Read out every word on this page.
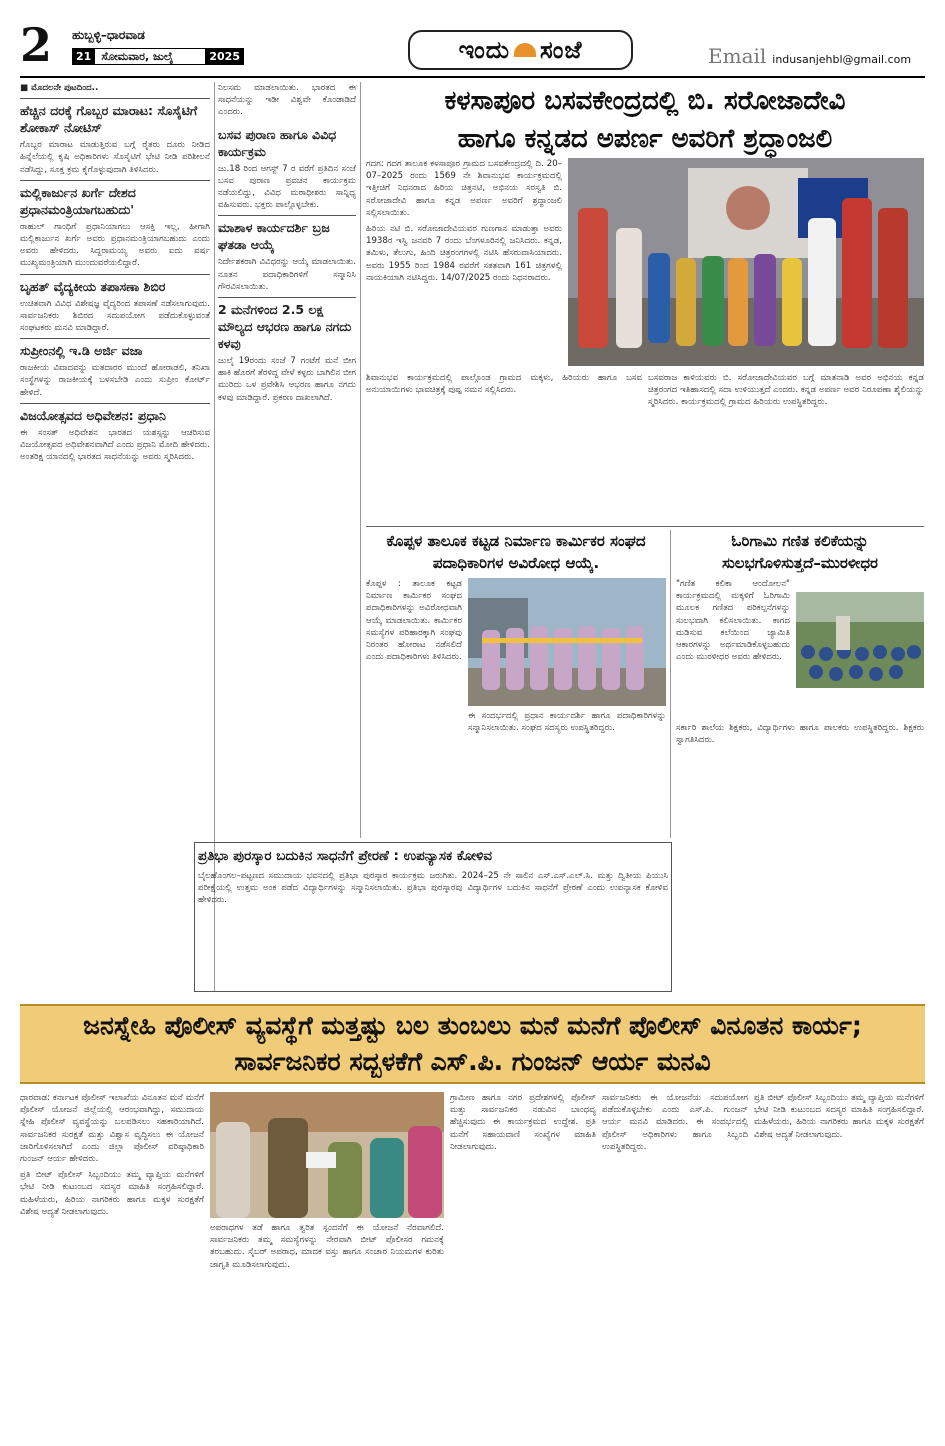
2 ಹುಬ್ಬಳ್ಳಿ–ಧಾರವಾಡ
21 ಸೋಮವಾರ, ಜುಲೈ	2025	ಇಂದು ಸಂಜೆ	Email indusanjehbl@gmail.com
■ ಮೊದಲನೇ ಪುಟದಿಂದ..
ಹೆಚ್ಚಿನ ದರಕ್ಕೆ ಗೊಬ್ಬರ ಮಾರಾಟ: ಸೊಸೈಟಿಗೆ ಶೋಕಾಸ್ ನೋಟಿಸ್

ಗೊಬ್ಬರ ಮಾರಾಟ ಮಾಡುತ್ತಿರುವ ಬಗ್ಗೆ ರೈತರು ದೂರು ನೀಡಿದ ಹಿನ್ನೆಲೆಯಲ್ಲಿ ಕೃಷಿ ಅಧಿಕಾರಿಗಳು ಸೊಸೈಟಿಗೆ ಭೇಟಿ ನೀಡಿ ಪರಿಶೀಲನೆ ನಡೆಸಿದ್ದು, ಸೂಕ್ತ ಕ್ರಮ ಕೈಗೊಳ್ಳುವುದಾಗಿ ತಿಳಿಸಿದರು.

ಮಲ್ಲಿಕಾರ್ಜುನ ಖರ್ಗೆ ದೇಶದ ಪ್ರಧಾನಮಂತ್ರಿಯಾಗಬಹುದು'

ರಾಹುಲ್ ಗಾಂಧಿಗೆ ಪ್ರಧಾನಿಯಾಗಲು ಆಸಕ್ತಿ ಇಲ್ಲ, ಹೀಗಾಗಿ ಮಲ್ಲಿಕಾರ್ಜುನ ಖರ್ಗೆ ಅವರು ಪ್ರಧಾನಮಂತ್ರಿಯಾಗಬಹುದು ಎಂದು ಅವರು ಹೇಳಿದರು. ಸಿದ್ದರಾಮಯ್ಯ ಅವರು ಐದು ವರ್ಷ ಮುಖ್ಯಮಂತ್ರಿಯಾಗಿ ಮುಂದುವರೆಯಲಿದ್ದಾರೆ.

ಬೃಹತ್ ವೈದ್ಯಕೀಯ ತಪಾಸಣಾ ಶಿಬಿರ

ಉಚಿತವಾಗಿ ವಿವಿಧ ವಿಶೇಷಜ್ಞ ವೈದ್ಯರಿಂದ ತಪಾಸಣೆ ನಡೆಸಲಾಗುವುದು. ಸಾರ್ವಜನಿಕರು ಶಿಬಿರದ ಸದುಪಯೋಗ ಪಡೆದುಕೊಳ್ಳುವಂತೆ ಸಂಘಟಕರು ಮನವಿ ಮಾಡಿದ್ದಾರೆ.

ಸುಪ್ರೀಂನಲ್ಲಿ ಇ.ಡಿ ಅರ್ಜಿ ವಜಾ

ರಾಜಕೀಯ ವಿವಾದವನ್ನು ಮತದಾರರ ಮುಂದೆ ಹೋರಾಡಲಿ, ತನಿಖಾ ಸಂಸ್ಥೆಗಳನ್ನು ರಾಜಕೀಯಕ್ಕೆ ಬಳಸಬೇಡಿ ಎಂದು ಸುಪ್ರೀಂ ಕೋರ್ಟ್ ಹೇಳಿದೆ.

ವಿಜಯೋತ್ಸವದ ಅಧಿವೇಶನ: ಪ್ರಧಾನಿ

ಈ ಸಂಸತ್ ಅಧಿವೇಶನ ಭಾರತದ ಯಶಸ್ಸನ್ನು ಆಚರಿಸುವ ವಿಜಯೋತ್ಸವದ ಅಧಿವೇಶನವಾಗಿದೆ ಎಂದು ಪ್ರಧಾನಿ ಮೋದಿ ಹೇಳಿದರು. ಅಂತರಿಕ್ಷ ಯಾನದಲ್ಲಿ ಭಾರತದ ಸಾಧನೆಯನ್ನು ಅವರು ಸ್ಮರಿಸಿದರು.

ನಿಲಸಮ ಮಾಡಲಾಯಿತು. ಭಾರತದ ಈ ಸಾಧನೆಯನ್ನು ಇಡೀ ವಿಶ್ವವೇ ಕೊಂಡಾಡಿದೆ ಎಂದರು.

ಬಸವ ಪುರಾಣ ಹಾಗೂ ವಿವಿಧ ಕಾರ್ಯಕ್ರಮ

ಜು.18 ರಿಂದ ಆಗಸ್ಟ್ 7 ರ ವರೆಗೆ ಪ್ರತಿದಿನ ಸಂಜೆ ಬಸವ ಪುರಾಣ ಪ್ರವಚನ ಕಾರ್ಯಕ್ರಮ ನಡೆಯಲಿದ್ದು, ವಿವಿಧ ಮಠಾಧೀಶರು ಸಾನ್ನಿಧ್ಯ ವಹಿಸುವರು. ಭಕ್ತರು ಪಾಲ್ಗೊಳ್ಳಬೇಕು.

ಮಾಶಾಳ ಕಾರ್ಯದರ್ಶಿ ಬ್ರಜ ಘತಡಾ ಆಯ್ಕೆ

ನಿರ್ದೇಶಕರಾಗಿ ವಿವಿಧರನ್ನು ಆಯ್ಕೆ ಮಾಡಲಾಯಿತು. ನೂತನ ಪದಾಧಿಕಾರಿಗಳಿಗೆ ಸನ್ಮಾನಿಸಿ ಗೌರವಿಸಲಾಯಿತು.

2 ಮನೆಗಳಿಂದ 2.5 ಲಕ್ಷ ಮೌಲ್ಯದ ಆಭರಣ ಹಾಗೂ ನಗದು ಕಳವು

ಜುಲೈ 19ರಂದು ಸಂಜೆ 7 ಗಂಟೆಗೆ ಮನೆ ಬೀಗ ಹಾಕಿ ಹೊರಗೆ ತೆರಳಿದ್ದ ವೇಳೆ ಕಳ್ಳರು ಬಾಗಿಲಿನ ಬೀಗ ಮುರಿದು ಒಳ ಪ್ರವೇಶಿಸಿ ಆಭರಣ ಹಾಗೂ ನಗದು ಕಳವು ಮಾಡಿದ್ದಾರೆ. ಪ್ರಕರಣ ದಾಖಲಾಗಿದೆ.

ಕಳಸಾಪೂರ ಬಸವಕೇಂದ್ರದಲ್ಲಿ ಬಿ. ಸರೋಜಾದೇವಿ
ಹಾಗೂ ಕನ್ನಡದ ಅಪರ್ಣ ಅವರಿಗೆ ಶ್ರದ್ಧಾಂಜಲಿ

ಗದಗ: ಗದಗ ತಾಲೂಕ ಕಳಸಾಪೂರ ಗ್ರಾಮದ ಬಸವಕೇಂದ್ರದಲ್ಲಿ ದಿ. 20–07–2025 ರಂದು 1569 ನೇ ಶಿವಾನುಭವ ಕಾರ್ಯಕ್ರಮದಲ್ಲಿ ಇತ್ತೀಚಿಗೆ ನಿಧನರಾದ ಹಿರಿಯ ಚಿತ್ರನಟಿ, ಅಭಿನಯ ಸರಸ್ವತಿ ಬಿ. ಸರೋಜಾದೇವಿ ಹಾಗೂ ಕನ್ನಡ ಅಪರ್ಣ ಅವರಿಗೆ ಶ್ರದ್ಧಾಂಜಲಿ ಸಲ್ಲಿಸಲಾಯಿತು.

ಹಿರಿಯ ನಟಿ ಬಿ. ಸರೋಜಾದೇವಿಯವರ ಗುಣಗಾನ ಮಾಡುತ್ತಾ ಅವರು 1938ರ ಇಸ್ವಿ ಜನವರಿ 7 ರಂದು ಬೆಂಗಳೂರಿನಲ್ಲಿ ಜನಿಸಿದರು. ಕನ್ನಡ, ತಮಿಳು, ತೆಲುಗು, ಹಿಂದಿ ಚಿತ್ರರಂಗಗಳಲ್ಲಿ ನಟಿಸಿ ಹೆಸರುವಾಸಿಯಾದರು. ಅವರು 1955 ರಿಂದ 1984 ರವರೆಗೆ ಸತತವಾಗಿ 161 ಚಿತ್ರಗಳಲ್ಲಿ ನಾಯಕಿಯಾಗಿ ನಟಿಸಿದ್ದರು. 14/07/2025 ರಂದು ನಿಧನರಾದರು.

ಶಿವಾನುಭವ ಕಾರ್ಯಕ್ರಮದಲ್ಲಿ ಪಾಲ್ಗೊಂಡ ಗ್ರಾಮದ ಮಕ್ಕಳು, ಹಿರಿಯರು ಹಾಗೂ ಬಸವ ಅನುಯಾಯಿಗಳು ಭಾವಚಿತ್ರಕ್ಕೆ ಪುಷ್ಪ ನಮನ ಸಲ್ಲಿಸಿದರು.

ಬಸವರಾಜ ಕಾಳಿಯವರು ಬಿ. ಸರೋಜಾದೇವಿಯವರ ಬಗ್ಗೆ ಮಾತನಾಡಿ ಅವರ ಅಭಿನಯ ಕನ್ನಡ ಚಿತ್ರರಂಗದ ಇತಿಹಾಸದಲ್ಲಿ ಸದಾ ಉಳಿಯುತ್ತದೆ ಎಂದರು. ಕನ್ನಡ ಅಪರ್ಣ ಅವರ ನಿರೂಪಣಾ ಶೈಲಿಯನ್ನು ಸ್ಮರಿಸಿದರು. ಕಾರ್ಯಕ್ರಮದಲ್ಲಿ ಗ್ರಾಮದ ಹಿರಿಯರು ಉಪಸ್ಥಿತರಿದ್ದರು.

ಕೊಪ್ಪಳ ತಾಲೂಕ ಕಟ್ಟಡ ನಿರ್ಮಾಣ ಕಾರ್ಮಿಕರ ಸಂಘದ
ಪದಾಧಿಕಾರಿಗಳ ಅವಿರೋಧ ಆಯ್ಕೆ.

ಕೊಪ್ಪಳ : ತಾಲೂಕ ಕಟ್ಟಡ ನಿರ್ಮಾಣ ಕಾರ್ಮಿಕರ ಸಂಘದ ಪದಾಧಿಕಾರಿಗಳನ್ನು ಅವಿರೋಧವಾಗಿ ಆಯ್ಕೆ ಮಾಡಲಾಯಿತು. ಕಾರ್ಮಿಕರ ಸಮಸ್ಯೆಗಳ ಪರಿಹಾರಕ್ಕಾಗಿ ಸಂಘವು ನಿರಂತರ ಹೋರಾಟ ನಡೆಸಲಿದೆ ಎಂದು ಪದಾಧಿಕಾರಿಗಳು ತಿಳಿಸಿದರು.

ಈ ಸಂದರ್ಭದಲ್ಲಿ ಪ್ರಧಾನ ಕಾರ್ಯದರ್ಶಿ ಹಾಗೂ ಪದಾಧಿಕಾರಿಗಳನ್ನು ಸನ್ಮಾನಿಸಲಾಯಿತು. ಸಂಘದ ಸದಸ್ಯರು ಉಪಸ್ಥಿತರಿದ್ದರು.

ಓರಿಗಾಮಿ ಗಣಿತ ಕಲಿಕೆಯನ್ನು
ಸುಲಭಗೊಳಿಸುತ್ತದೆ–ಮುರಳೀಧರ

"ಗಣಿತ ಕಲಿಕಾ ಆಂದೋಲನ" ಕಾರ್ಯಕ್ರಮದಲ್ಲಿ ಮಕ್ಕಳಿಗೆ ಓರಿಗಾಮಿ ಮೂಲಕ ಗಣಿತದ ಪರಿಕಲ್ಪನೆಗಳನ್ನು ಸುಲಭವಾಗಿ ಕಲಿಸಲಾಯಿತು. ಕಾಗದ ಮಡಿಸುವ ಕಲೆಯಿಂದ ಜ್ಯಾಮಿತಿ ಆಕಾರಗಳನ್ನು ಅರ್ಥಮಾಡಿಕೊಳ್ಳಬಹುದು ಎಂದು ಮುರಳೀಧರ ಅವರು ಹೇಳಿದರು.

ಸರ್ಕಾರಿ ಶಾಲೆಯ ಶಿಕ್ಷಕರು, ವಿದ್ಯಾರ್ಥಿಗಳು ಹಾಗೂ ಪಾಲಕರು ಉಪಸ್ಥಿತರಿದ್ದರು. ಶಿಕ್ಷಕರು ಸ್ವಾಗತಿಸಿದರು.

ಪ್ರತಿಭಾ ಪುರಸ್ಕಾರ ಬದುಕಿನ ಸಾಧನೆಗೆ ಪ್ರೇರಣೆ : ಉಪನ್ಯಾಸಕ ಕೋಳಿವ

ಬೈಲಹೊಂಗಲ–ಪಟ್ಟಣದ ಸಮುದಾಯ ಭವನದಲ್ಲಿ ಪ್ರತಿಭಾ ಪುರಸ್ಕಾರ ಕಾರ್ಯಕ್ರಮ ಜರುಗಿತು. 2024–25 ನೇ ಸಾಲಿನ ಎಸ್.ಎಸ್.ಎಲ್.ಸಿ. ಮತ್ತು ದ್ವಿತೀಯ ಪಿಯುಸಿ ಪರೀಕ್ಷೆಯಲ್ಲಿ ಉತ್ತಮ ಅಂಕ ಪಡೆದ ವಿದ್ಯಾರ್ಥಿಗಳನ್ನು ಸನ್ಮಾನಿಸಲಾಯಿತು. ಪ್ರತಿಭಾ ಪುರಸ್ಕಾರವು ವಿದ್ಯಾರ್ಥಿಗಳ ಬದುಕಿನ ಸಾಧನೆಗೆ ಪ್ರೇರಣೆ ಎಂದು ಉಪನ್ಯಾಸಕ ಕೋಳಿವ ಹೇಳಿದರು.

ಜನಸ್ನೇಹಿ ಪೊಲೀಸ್ ವ್ಯವಸ್ಥೆಗೆ ಮತ್ತಷ್ಟು ಬಲ ತುಂಬಲು ಮನೆ ಮನೆಗೆ ಪೊಲೀಸ್ ವಿನೂತನ ಕಾರ್ಯ;
ಸಾರ್ವಜನಿಕರ ಸದ್ಬಳಕೆಗೆ ಎಸ್.ಪಿ. ಗುಂಜನ್ ಆರ್ಯ ಮನವಿ

ಧಾರವಾಡ: ಕರ್ನಾಟಕ ಪೊಲೀಸ್ ಇಲಾಖೆಯ ವಿನೂತನ ಮನೆ ಮನೆಗೆ ಪೊಲೀಸ್ ಯೋಜನೆ ಜಿಲ್ಲೆಯಲ್ಲಿ ಆರಂಭವಾಗಿದ್ದು, ಸಮುದಾಯ ಸ್ನೇಹಿ ಪೊಲೀಸ್ ವ್ಯವಸ್ಥೆಯನ್ನು ಬಲಪಡಿಸಲು ಸಹಕಾರಿಯಾಗಿದೆ. ಸಾರ್ವಜನಿಕರ ಸುರಕ್ಷತೆ ಮತ್ತು ವಿಶ್ವಾಸ ವೃದ್ಧಿಸಲು ಈ ಯೋಜನೆ ಜಾರಿಗೊಳಿಸಲಾಗಿದೆ ಎಂದು ಜಿಲ್ಲಾ ಪೊಲೀಸ್ ವರಿಷ್ಠಾಧಿಕಾರಿ ಗುಂಜನ್ ಆರ್ಯ ಹೇಳಿದರು.

ಪ್ರತಿ ಬೀಟ್ ಪೊಲೀಸ್ ಸಿಬ್ಬಂದಿಯು ತಮ್ಮ ವ್ಯಾಪ್ತಿಯ ಮನೆಗಳಿಗೆ ಭೇಟಿ ನೀಡಿ ಕುಟುಂಬದ ಸದಸ್ಯರ ಮಾಹಿತಿ ಸಂಗ್ರಹಿಸಲಿದ್ದಾರೆ. ಮಹಿಳೆಯರು, ಹಿರಿಯ ನಾಗರಿಕರು ಹಾಗೂ ಮಕ್ಕಳ ಸುರಕ್ಷತೆಗೆ ವಿಶೇಷ ಆದ್ಯತೆ ನೀಡಲಾಗುವುದು.

ಅಪರಾಧಗಳ ತಡೆ ಹಾಗೂ ತ್ವರಿತ ಸ್ಪಂದನೆಗೆ ಈ ಯೋಜನೆ ನೆರವಾಗಲಿದೆ. ಸಾರ್ವಜನಿಕರು ತಮ್ಮ ಸಮಸ್ಯೆಗಳನ್ನು ನೇರವಾಗಿ ಬೀಟ್ ಪೊಲೀಸರ ಗಮನಕ್ಕೆ ತರಬಹುದು. ಸೈಬರ್ ಅಪರಾಧ, ಮಾದಕ ವಸ್ತು ಹಾಗೂ ಸಂಚಾರ ನಿಯಮಗಳ ಕುರಿತು ಜಾಗೃತಿ ಮೂಡಿಸಲಾಗುವುದು.

ಗ್ರಾಮೀಣ ಹಾಗೂ ನಗರ ಪ್ರದೇಶಗಳಲ್ಲಿ ಪೊಲೀಸ್ ಮತ್ತು ಸಾರ್ವಜನಿಕರ ನಡುವಿನ ಬಾಂಧವ್ಯ ಹೆಚ್ಚಿಸುವುದು ಈ ಕಾರ್ಯಕ್ರಮದ ಉದ್ದೇಶ. ಪ್ರತಿ ಮನೆಗೆ ಸಹಾಯವಾಣಿ ಸಂಖ್ಯೆಗಳ ಮಾಹಿತಿ ನೀಡಲಾಗುವುದು.

ಸಾರ್ವಜನಿಕರು ಈ ಯೋಜನೆಯ ಸದುಪಯೋಗ ಪಡೆದುಕೊಳ್ಳಬೇಕು ಎಂದು ಎಸ್.ಪಿ. ಗುಂಜನ್ ಆರ್ಯ ಮನವಿ ಮಾಡಿದರು. ಈ ಸಂದರ್ಭದಲ್ಲಿ ಪೊಲೀಸ್ ಅಧಿಕಾರಿಗಳು ಹಾಗೂ ಸಿಬ್ಬಂದಿ ಉಪಸ್ಥಿತರಿದ್ದರು.

ಪ್ರತಿ ಬೀಟ್ ಪೊಲೀಸ್ ಸಿಬ್ಬಂದಿಯು ತಮ್ಮ ವ್ಯಾಪ್ತಿಯ ಮನೆಗಳಿಗೆ ಭೇಟಿ ನೀಡಿ ಕುಟುಂಬದ ಸದಸ್ಯರ ಮಾಹಿತಿ ಸಂಗ್ರಹಿಸಲಿದ್ದಾರೆ. ಮಹಿಳೆಯರು, ಹಿರಿಯ ನಾಗರಿಕರು ಹಾಗೂ ಮಕ್ಕಳ ಸುರಕ್ಷತೆಗೆ ವಿಶೇಷ ಆದ್ಯತೆ ನೀಡಲಾಗುವುದು.
